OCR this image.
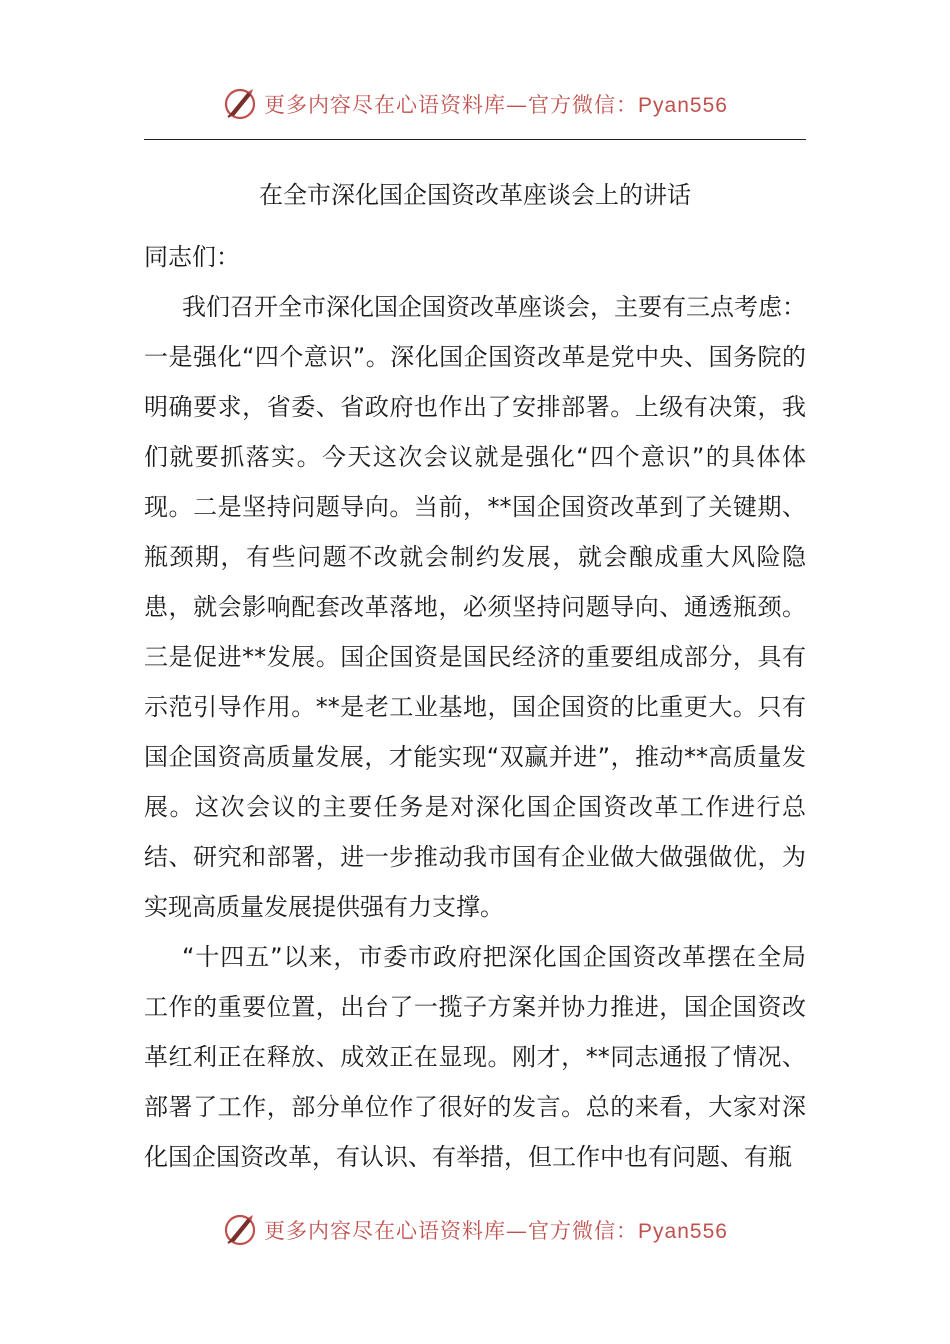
更多内容尽在心语资料库—官方微信：Pyan556
在全市深化国企国资改革座谈会上的讲话

同志们：

我们召开全市深化国企国资改革座谈会，主要有三点考虑：一是强化“四个意识”。深化国企国资改革是党中央、国务院的明确要求，省委、省政府也作出了安排部署。上级有决策，我们就要抓落实。今天这次会议就是强化“四个意识”的具体体现。二是坚持问题导向。当前，**国企国资改革到了关键期、瓶颈期，有些问题不改就会制约发展，就会酿成重大风险隐患，就会影响配套改革落地，必须坚持问题导向、通透瓶颈。三是促进**发展。国企国资是国民经济的重要组成部分，具有示范引导作用。**是老工业基地，国企国资的比重更大。只有国企国资高质量发展，才能实现“双赢并进”，推动**高质量发展。这次会议的主要任务是对深化国企国资改革工作进行总结、研究和部署，进一步推动我市国有企业做大做强做优，为实现高质量发展提供强有力支撑。

“十四五”以来，市委市政府把深化国企国资改革摆在全局工作的重要位置，出台了一揽子方案并协力推进，国企国资改革红利正在释放、成效正在显现。刚才，**同志通报了情况、部署了工作，部分单位作了很好的发言。总的来看，大家对深化国企国资改革，有认识、有举措，但工作中也有问题、有瓶

更多内容尽在心语资料库—官方微信：Pyan556
